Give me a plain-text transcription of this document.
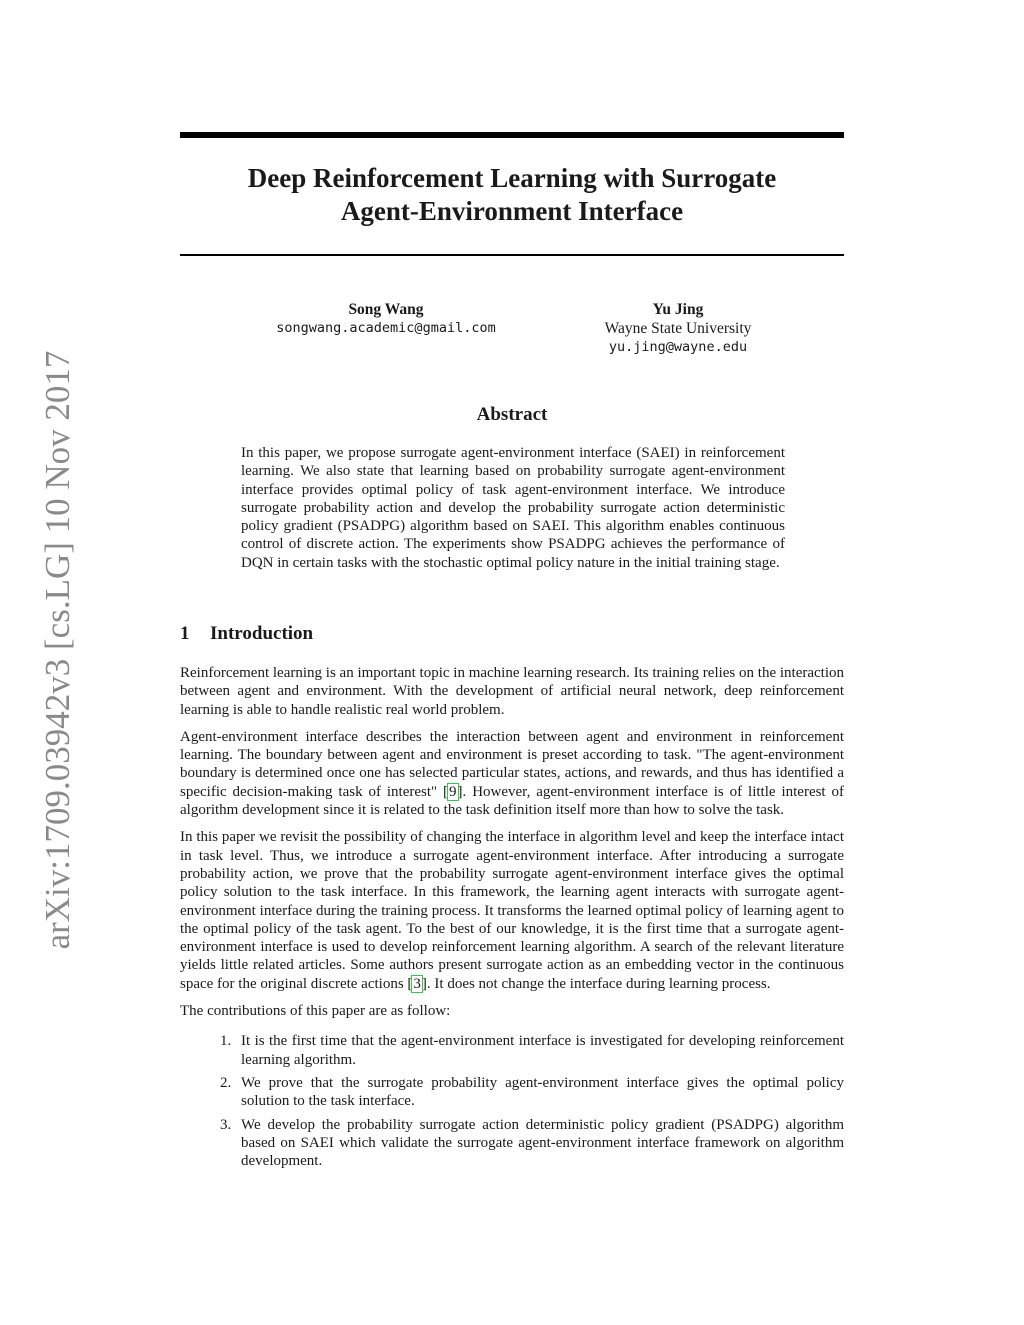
arXiv:1709.03942v3 [cs.LG] 10 Nov 2017
Deep Reinforcement Learning with Surrogate
Agent-Environment Interface
Song Wang
songwang.academic@gmail.com
Yu Jing
Wayne State University
yu.jing@wayne.edu
Abstract

In this paper, we propose surrogate agent-environment interface (SAEI) in reinforcement learning. We also state that learning based on probability surrogate agent-environment interface provides optimal policy of task agent-environment interface. We introduce surrogate probability action and develop the probability surrogate action deterministic policy gradient (PSADPG) algorithm based on SAEI. This algorithm enables continuous control of discrete action. The experiments show PSADPG achieves the performance of DQN in certain tasks with the stochastic optimal policy nature in the initial training stage.

1 Introduction

Reinforcement learning is an important topic in machine learning research. Its training relies on the interaction between agent and environment. With the development of artificial neural network, deep reinforcement learning is able to handle realistic real world problem.

Agent-environment interface describes the interaction between agent and environment in reinforcement learning. The boundary between agent and environment is preset according to task. "The agent-environment boundary is determined once one has selected particular states, actions, and rewards, and thus has identified a specific decision-making task of interest" [9]. However, agent-environment interface is of little interest of algorithm development since it is related to the task definition itself more than how to solve the task.

In this paper we revisit the possibility of changing the interface in algorithm level and keep the interface intact in task level. Thus, we introduce a surrogate agent-environment interface. After introducing a surrogate probability action, we prove that the probability surrogate agent-environment interface gives the optimal policy solution to the task interface. In this framework, the learning agent interacts with surrogate agent-environment interface during the training process. It transforms the learned optimal policy of learning agent to the optimal policy of the task agent. To the best of our knowledge, it is the first time that a surrogate agent-environment interface is used to develop reinforcement learning algorithm. A search of the relevant literature yields little related articles. Some authors present surrogate action as an embedding vector in the continuous space for the original discrete actions [3]. It does not change the interface during learning process.

The contributions of this paper are as follow:

1. It is the first time that the agent-environment interface is investigated for developing reinforcement learning algorithm.
2. We prove that the surrogate probability agent-environment interface gives the optimal policy solution to the task interface.
3. We develop the probability surrogate action deterministic policy gradient (PSADPG) algorithm based on SAEI which validate the surrogate agent-environment interface framework on algorithm development.
